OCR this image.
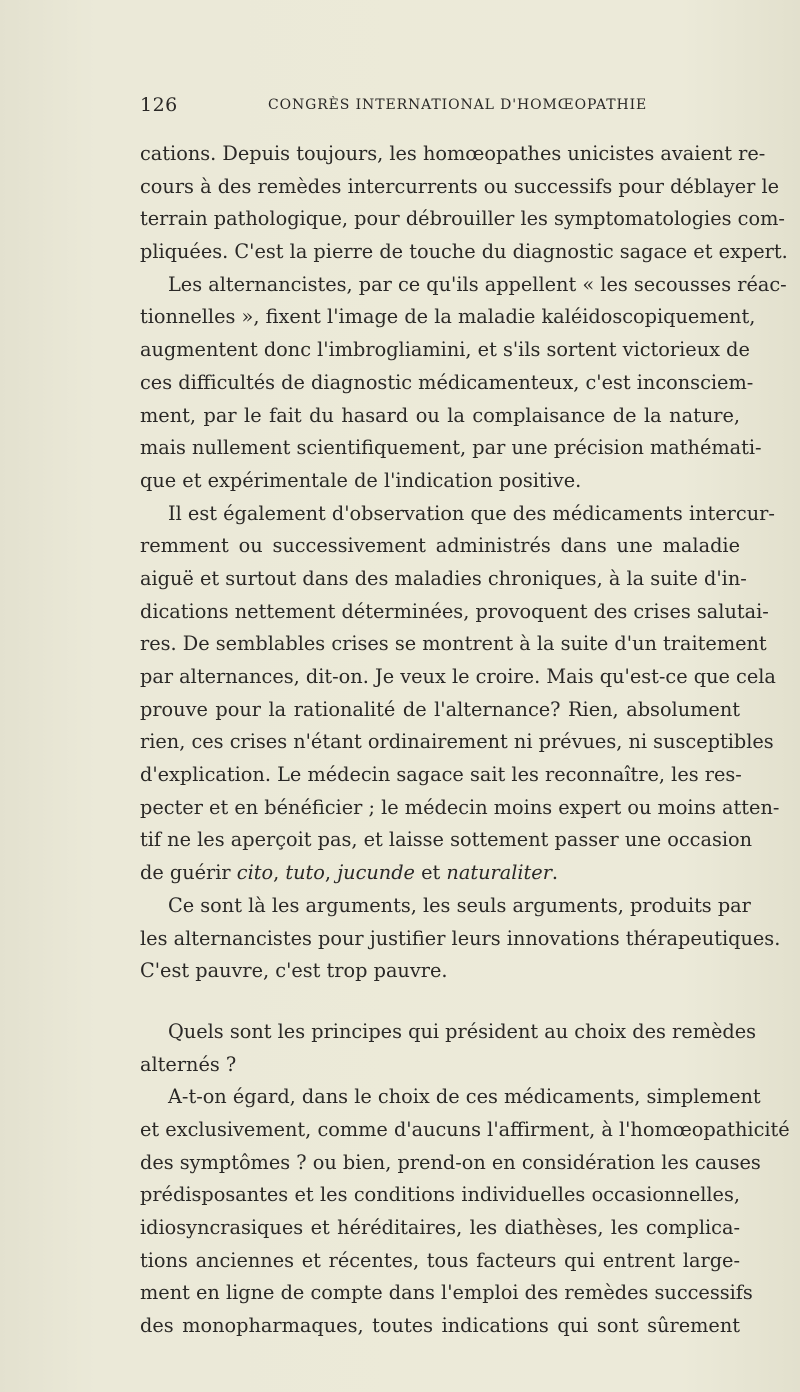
126	CONGRÈS INTERNATIONAL D'HOMŒOPATHIE
cations. Depuis toujours, les homœopathes unicistes avaient re-
cours à des remèdes intercurrents ou successifs pour déblayer le
terrain pathologique, pour débrouiller les symptomatologies com-
pliquées. C'est la pierre de touche du diagnostic sagace et expert.
Les alternancistes, par ce qu'ils appellent « les secousses réac-
tionnelles », fixent l'image de la maladie kaléidoscopiquement,
augmentent donc l'imbrogliamini, et s'ils sortent victorieux de
ces difficultés de diagnostic médicamenteux, c'est inconsciem-
ment, par le fait du hasard ou la complaisance de la nature,
mais nullement scientifiquement, par une précision mathémati-
que et expérimentale de l'indication positive.
Il est également d'observation que des médicaments intercur-
remment ou successivement administrés dans une maladie
aiguë et surtout dans des maladies chroniques, à la suite d'in-
dications nettement déterminées, provoquent des crises salutai-
res. De semblables crises se montrent à la suite d'un traitement
par alternances, dit-on. Je veux le croire. Mais qu'est-ce que cela
prouve pour la rationalité de l'alternance? Rien, absolument
rien, ces crises n'étant ordinairement ni prévues, ni susceptibles
d'explication. Le médecin sagace sait les reconnaître, les res-
pecter et en bénéficier ; le médecin moins expert ou moins atten-
tif ne les aperçoit pas, et laisse sottement passer une occasion
de guérir cito, tuto, jucunde et naturaliter.
Ce sont là les arguments, les seuls arguments, produits par
les alternancistes pour justifier leurs innovations thérapeutiques.
C'est pauvre, c'est trop pauvre.
Quels sont les principes qui président au choix des remèdes
alternés ?
A-t-on égard, dans le choix de ces médicaments, simplement
et exclusivement, comme d'aucuns l'affirment, à l'homœopathicité
des symptômes ? ou bien, prend-on en considération les causes
prédisposantes et les conditions individuelles occasionnelles,
idiosyncrasiques et héréditaires, les diathèses, les complica-
tions anciennes et récentes, tous facteurs qui entrent large-
ment en ligne de compte dans l'emploi des remèdes successifs
des monopharmaques, toutes indications qui sont sûrement
